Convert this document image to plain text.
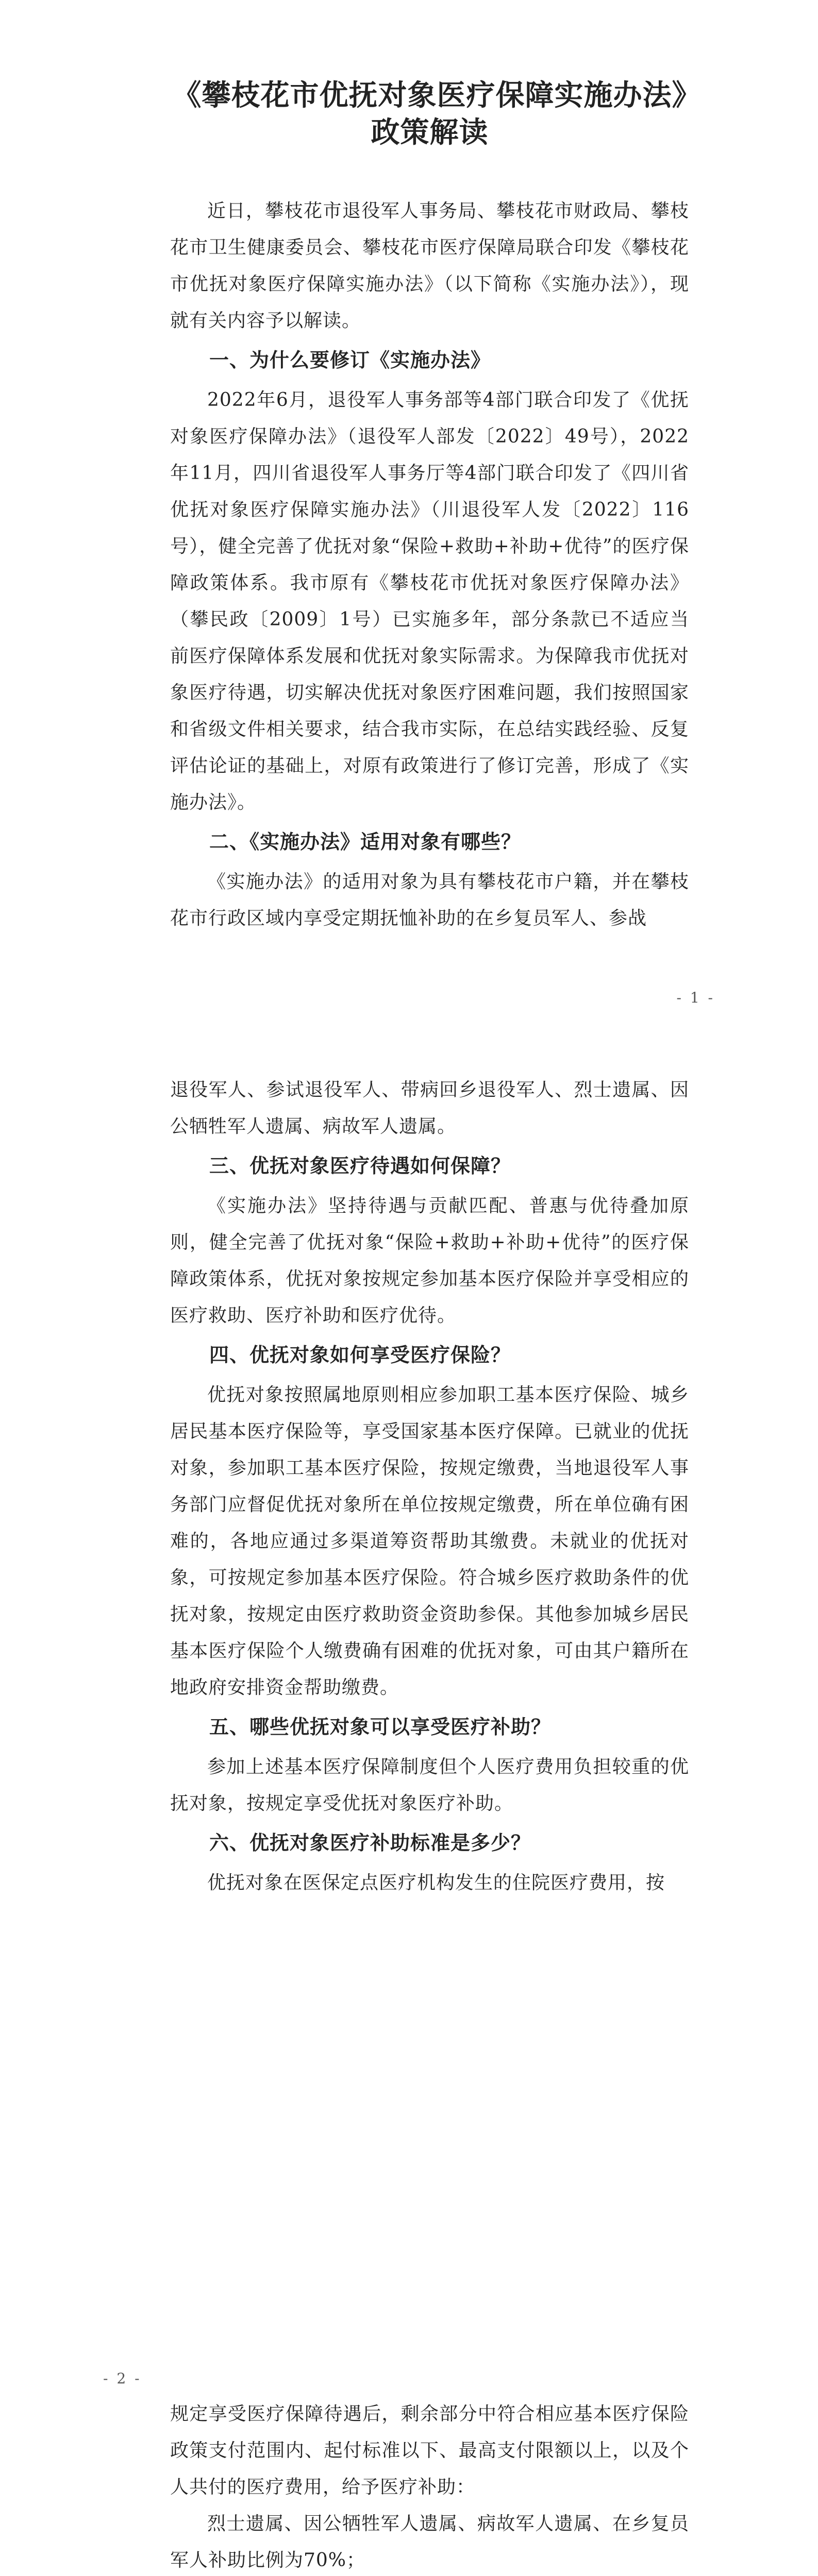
《攀枝花市优抚对象医疗保障实施办法》政策解读

近日，攀枝花市退役军人事务局、攀枝花市财政局、攀枝花市卫生健康委员会、攀枝花市医疗保障局联合印发《攀枝花市优抚对象医疗保障实施办法》（以下简称《实施办法》），现就有关内容予以解读。

一、为什么要修订《实施办法》

2022年6月，退役军人事务部等4部门联合印发了《优抚对象医疗保障办法》（退役军人部发〔2022〕49号），2022年11月，四川省退役军人事务厅等4部门联合印发了《四川省优抚对象医疗保障实施办法》（川退役军人发〔2022〕116号），健全完善了优抚对象“保险+救助+补助+优待”的医疗保障政策体系。我市原有《攀枝花市优抚对象医疗保障办法》（攀民政〔2009〕1号）已实施多年，部分条款已不适应当前医疗保障体系发展和优抚对象实际需求。为保障我市优抚对象医疗待遇，切实解决优抚对象医疗困难问题，我们按照国家和省级文件相关要求，结合我市实际，在总结实践经验、反复评估论证的基础上，对原有政策进行了修订完善，形成了《实施办法》。

二、《实施办法》适用对象有哪些？

《实施办法》的适用对象为具有攀枝花市户籍，并在攀枝花市行政区域内享受定期抚恤补助的在乡复员军人、参战

- 1 -

退役军人、参试退役军人、带病回乡退役军人、烈士遗属、因公牺牲军人遗属、病故军人遗属。

三、优抚对象医疗待遇如何保障？

《实施办法》坚持待遇与贡献匹配、普惠与优待叠加原则，健全完善了优抚对象“保险+救助+补助+优待”的医疗保障政策体系，优抚对象按规定参加基本医疗保险并享受相应的医疗救助、医疗补助和医疗优待。

四、优抚对象如何享受医疗保险？

优抚对象按照属地原则相应参加职工基本医疗保险、城乡居民基本医疗保险等，享受国家基本医疗保障。已就业的优抚对象，参加职工基本医疗保险，按规定缴费，当地退役军人事务部门应督促优抚对象所在单位按规定缴费，所在单位确有困难的，各地应通过多渠道筹资帮助其缴费。未就业的优抚对象，可按规定参加基本医疗保险。符合城乡医疗救助条件的优抚对象，按规定由医疗救助资金资助参保。其他参加城乡居民基本医疗保险个人缴费确有困难的优抚对象，可由其户籍所在地政府安排资金帮助缴费。

五、哪些优抚对象可以享受医疗补助？

参加上述基本医疗保障制度但个人医疗费用负担较重的优抚对象，按规定享受优抚对象医疗补助。

六、优抚对象医疗补助标准是多少？

优抚对象在医保定点医疗机构发生的住院医疗费用，按

- 2 -

规定享受医疗保障待遇后，剩余部分中符合相应基本医疗保险政策支付范围内、起付标准以下、最高支付限额以上，以及个人共付的医疗费用，给予医疗补助：

烈士遗属、因公牺牲军人遗属、病故军人遗属、在乡复员军人补助比例为70%；
